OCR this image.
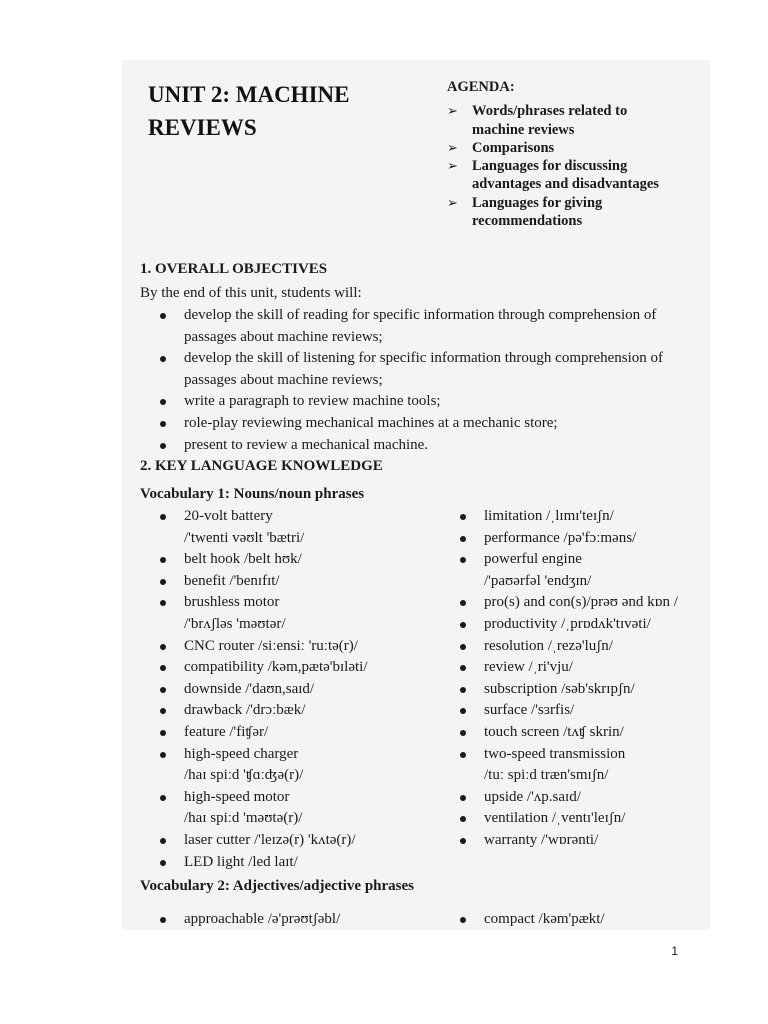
UNIT 2: MACHINE
REVIEWS
AGENDA:
➢ Words/phrases related to
machine reviews
➢ Comparisons
➢ Languages for discussing
advantages and disadvantages
➢ Languages for giving
recommendations
1. OVERALL OBJECTIVES
By the end of this unit, students will:
develop the skill of reading for specific information through comprehension of
passages about machine reviews;
develop the skill of listening for specific information through comprehension of
passages about machine reviews;
write a paragraph to review machine tools;
role-play reviewing mechanical machines at a mechanic store;
present to review a mechanical machine.
2. KEY LANGUAGE KNOWLEDGE
Vocabulary 1: Nouns/noun phrases
20-volt battery
/'twenti vəʊlt 'bætri/
belt hook /belt hʊk/
benefit /'benɪfɪt/
brushless motor
/'brʌʃləs 'məʊtər/
CNC router /siːensiː 'ruːtə(r)/
compatibility /kəm,pætə'bɪləti/
downside /'daʊn,saɪd/
drawback /'drɔːbæk/
feature /'fiʧər/
high-speed charger
/haɪ spiːd 'ʧɑːʤə(r)/
high-speed motor
/haɪ spiːd 'məʊtə(r)/
laser cutter /'leɪzə(r) 'kʌtə(r)/
LED light /led laɪt/
limitation /ˌlɪmɪ'teɪʃn/
performance /pə'fɔːməns/
powerful engine
/'paʊərfəl 'endʒɪn/
pro(s) and con(s)/prəʊ ənd kɒn /
productivity /ˌprɒdʌk'tɪvəti/
resolution /ˌrezə'luʃn/
review /ˌri'vju/
subscription /səb'skrɪpʃn/
surface /'sɜrfis/
touch screen /tʌʧ skrin/
two-speed transmission
/tuː spiːd træn'smɪʃn/
upside /'ʌp.saɪd/
ventilation /ˌventɪ'leɪʃn/
warranty /'wɒrənti/
Vocabulary 2: Adjectives/adjective phrases
approachable /ə'prəʊtʃəbl/	compact /kəm'pækt/
1
